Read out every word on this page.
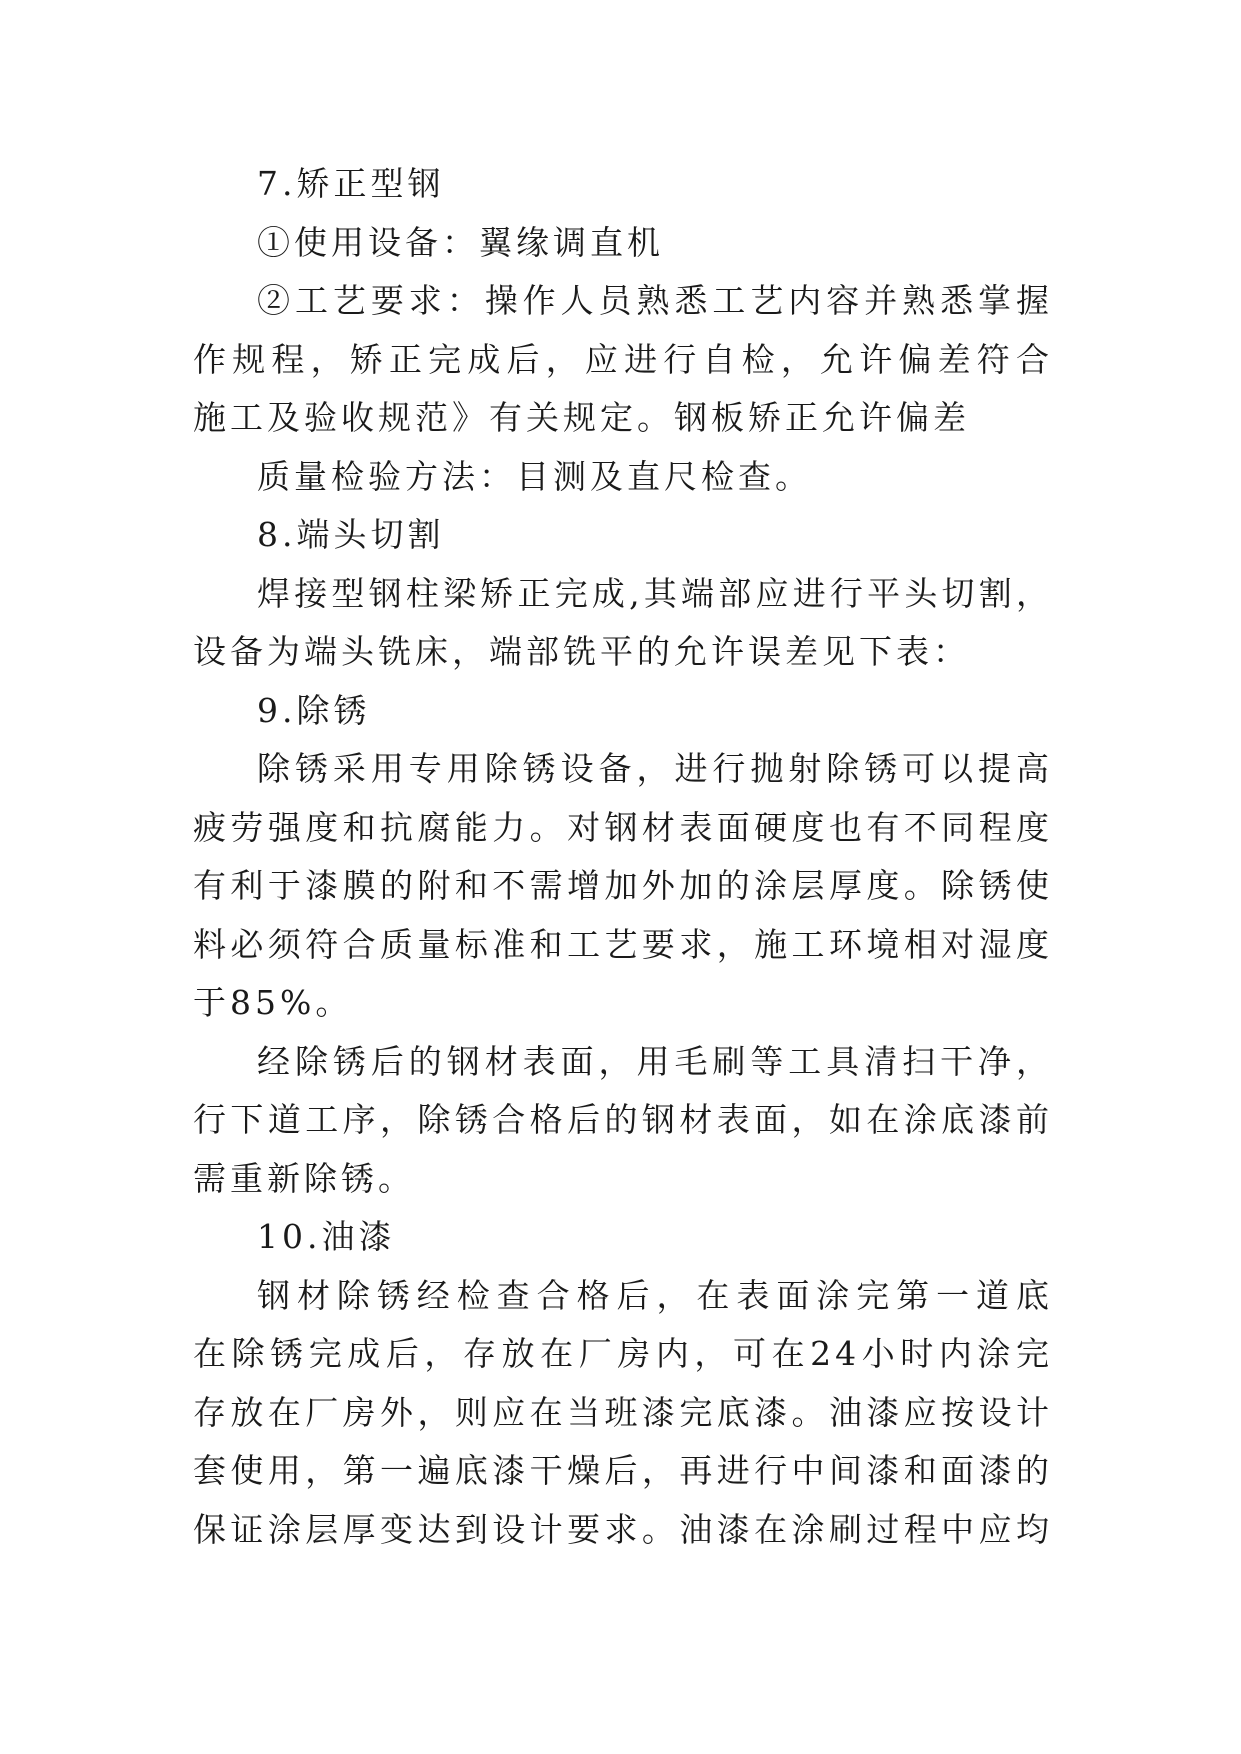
7.矫正型钢
①使用设备：翼缘调直机
②工艺要求：操作人员熟悉工艺内容并熟悉掌握
作规程，矫正完成后，应进行自检，允许偏差符合
施工及验收规范》有关规定。钢板矫正允许偏差
质量检验方法：目测及直尺检查。
8.端头切割
焊接型钢柱梁矫正完成,其端部应进行平头切割，
设备为端头铣床，端部铣平的允许误差见下表：
9.除锈
除锈采用专用除锈设备，进行抛射除锈可以提高
疲劳强度和抗腐能力。对钢材表面硬度也有不同程度
有利于漆膜的附和不需增加外加的涂层厚度。除锈使
料必须符合质量标准和工艺要求，施工环境相对湿度
于85%。
经除锈后的钢材表面，用毛刷等工具清扫干净，
行下道工序，除锈合格后的钢材表面，如在涂底漆前
需重新除锈。
10.油漆
钢材除锈经检查合格后，在表面涂完第一道底
在除锈完成后，存放在厂房内，可在24小时内涂完
存放在厂房外，则应在当班漆完底漆。油漆应按设计
套使用，第一遍底漆干燥后，再进行中间漆和面漆的
保证涂层厚变达到设计要求。油漆在涂刷过程中应均
